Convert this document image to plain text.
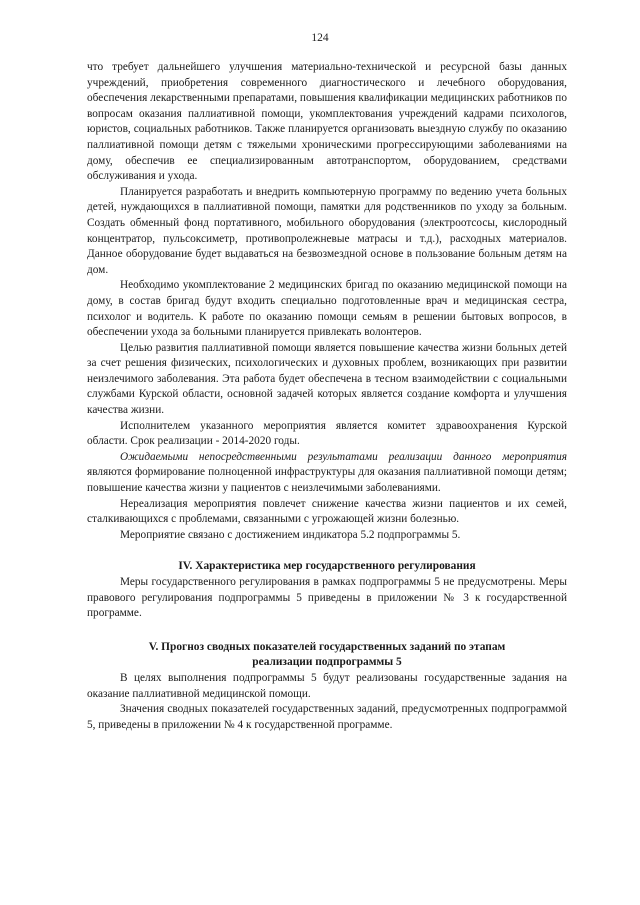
124

что требует дальнейшего улучшения материально-технической и ресурсной базы данных учреждений, приобретения современного диагностического и лечебного оборудования, обеспечения лекарственными препаратами, повышения квалификации медицинских работников по вопросам оказания паллиативной помощи, укомплектования учреждений кадрами психологов, юристов, социальных работников. Также планируется организовать выездную службу по оказанию паллиативной помощи детям с тяжелыми хроническими прогрессирующими заболеваниями на дому, обеспечив ее специализированным автотранспортом, оборудованием, средствами обслуживания и ухода.

Планируется разработать и внедрить компьютерную программу по ведению учета больных детей, нуждающихся в паллиативной помощи, памятки для родственников по уходу за больным. Создать обменный фонд портативного, мобильного оборудования (электроотсосы, кислородный концентратор, пульсоксиметр, противопролежневые матрасы и т.д.), расходных материалов. Данное оборудование будет выдаваться на безвозмездной основе в пользование больным детям на дом.

Необходимо укомплектование 2 медицинских бригад по оказанию медицинской помощи на дому, в состав бригад будут входить специально подготовленные врач и медицинская сестра, психолог и водитель. К работе по оказанию помощи семьям в решении бытовых вопросов, в обеспечении ухода за больными планируется привлекать волонтеров.

Целью развития паллиативной помощи является повышение качества жизни больных детей за счет решения физических, психологических и духовных проблем, возникающих при развитии неизлечимого заболевания. Эта работа будет обеспечена в тесном взаимодействии с социальными службами Курской области, основной задачей которых является создание комфорта и улучшения качества жизни.

Исполнителем указанного мероприятия является комитет здравоохранения Курской области. Срок реализации - 2014-2020 годы.

Ожидаемыми непосредственными результатами реализации данного мероприятия являются формирование полноценной инфраструктуры для оказания паллиативной помощи детям; повышение качества жизни у пациентов с неизлечимыми заболеваниями.

Нереализация мероприятия повлечет снижение качества жизни пациентов и их семей, сталкивающихся с проблемами, связанными с угрожающей жизни болезнью.

Мероприятие связано с достижением индикатора 5.2 подпрограммы 5.

IV. Характеристика мер государственного регулирования

Меры государственного регулирования в рамках подпрограммы 5 не предусмотрены. Меры правового регулирования подпрограммы 5 приведены в приложении № 3 к государственной программе.

V. Прогноз сводных показателей государственных заданий по этапам
реализации подпрограммы 5

В целях выполнения подпрограммы 5 будут реализованы государственные задания на оказание паллиативной медицинской помощи.

Значения сводных показателей государственных заданий, предусмотренных подпрограммой 5, приведены в приложении № 4 к государственной программе.
